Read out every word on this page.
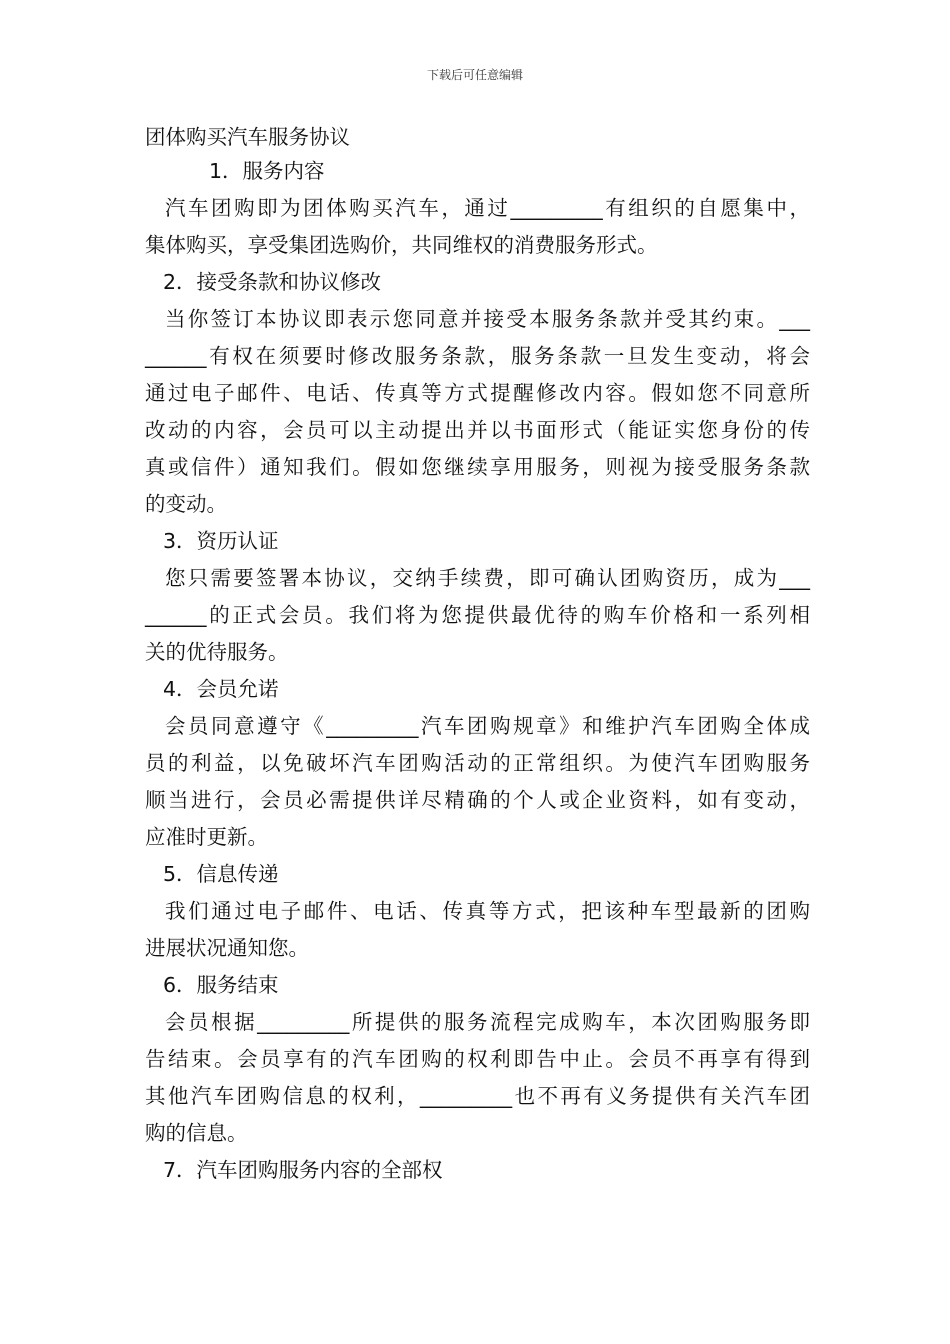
下载后可任意编辑
团体购买汽车服务协议
1．服务内容
汽车团购即为团体购买汽车，通过_________有组织的自愿集中，
集体购买，享受集团选购价，共同维权的消费服务形式。
2．接受条款和协议修改
当你签订本协议即表示您同意并接受本服务条款并受其约束。___
______有权在须要时修改服务条款，服务条款一旦发生变动，将会
通过电子邮件、电话、传真等方式提醒修改内容。假如您不同意所
改动的内容，会员可以主动提出并以书面形式（能证实您身份的传
真或信件）通知我们。假如您继续享用服务，则视为接受服务条款
的变动。
3．资历认证
您只需要签署本协议，交纳手续费，即可确认团购资历，成为___
______的正式会员。我们将为您提供最优待的购车价格和一系列相
关的优待服务。
4．会员允诺
会员同意遵守《_________汽车团购规章》和维护汽车团购全体成
员的利益，以免破坏汽车团购活动的正常组织。为使汽车团购服务
顺当进行，会员必需提供详尽精确的个人或企业资料，如有变动，
应准时更新。
5．信息传递
我们通过电子邮件、电话、传真等方式，把该种车型最新的团购
进展状况通知您。
6．服务结束
会员根据_________所提供的服务流程完成购车，本次团购服务即
告结束。会员享有的汽车团购的权利即告中止。会员不再享有得到
其他汽车团购信息的权利，_________也不再有义务提供有关汽车团
购的信息。
7．汽车团购服务内容的全部权
